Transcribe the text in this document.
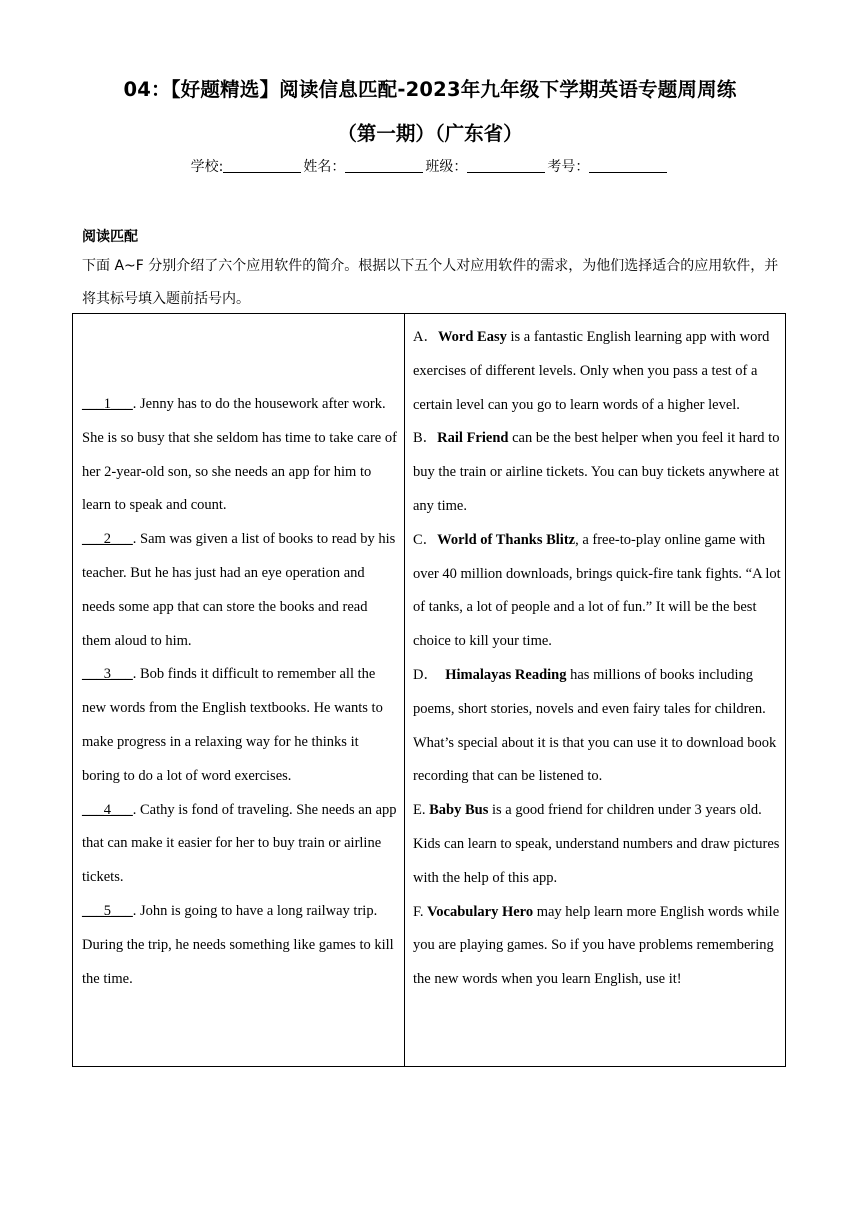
04：【好题精选】阅读信息匹配-2023年九年级下学期英语专题周周练
（第一期）（广东省）
学校:	姓名：	班级：	考号：
阅读匹配
下面 A~F 分别介绍了六个应用软件的简介。根据以下五个人对应用软件的需求，为他们选择适合的应用软件，并将其标号填入题前括号内。

___1___. Jenny has to do the housework after work. She is so busy that she seldom has time to take care of her 2-year-old son, so she needs an app for him to learn to speak and count.

___2___. Sam was given a list of books to read by his teacher. But he has just had an eye operation and needs some app that can store the books and read them aloud to him.

___3___. Bob finds it difficult to remember all the new words from the English textbooks. He wants to make progress in a relaxing way for he thinks it boring to do a lot of word exercises.

___4___. Cathy is fond of traveling. She needs an app that can make it easier for her to buy train or airline tickets.

___5___. John is going to have a long railway trip. During the trip, he needs something like games to kill the time.

A．Word Easy is a fantastic English learning app with word exercises of different levels. Only when you pass a test of a certain level can you go to learn words of a higher level.

B．Rail Friend can be the best helper when you feel it hard to buy the train or airline tickets. You can buy tickets anywhere at any time.

C．World of Thanks Blitz, a free-to-play online game with over 40 million downloads, brings quick-fire tank fights. “A lot of tanks, a lot of people and a lot of fun.” It will be the best choice to kill your time.

D．  Himalayas Reading has millions of books including poems, short stories, novels and even fairy tales for children. What’s special about it is that you can use it to download book recording that can be listened to.

E. Baby Bus is a good friend for children under 3 years old. Kids can learn to speak, understand numbers and draw pictures with the help of this app.

F. Vocabulary Hero may help learn more English words while you are playing games. So if you have problems remembering the new words when you learn English, use it!
